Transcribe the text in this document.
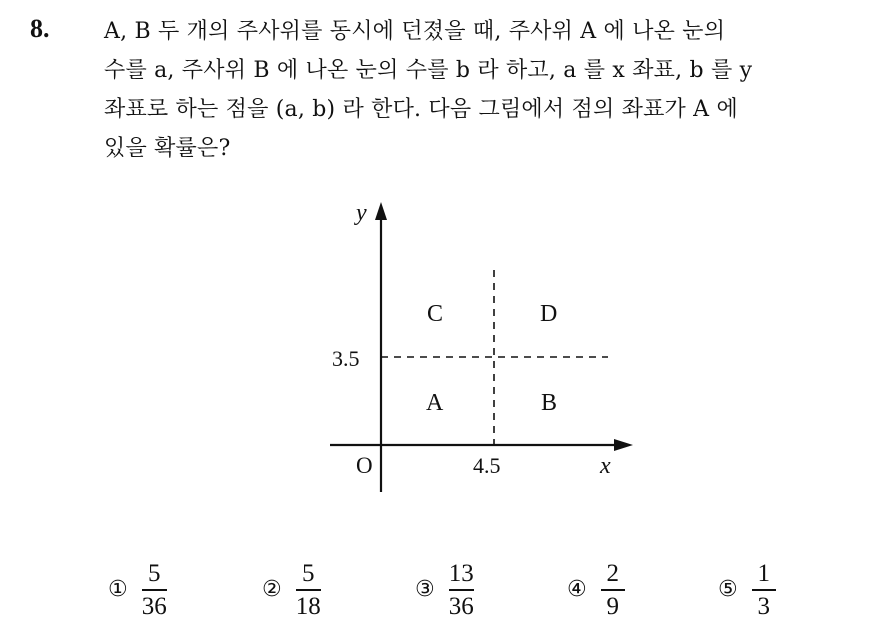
8. A, B 두 개의 주사위를 동시에 던졌을 때, 주사위 A 에 나온 눈의
수를 a, 주사위 B 에 나온 눈의 수를 b 라 하고, a 를 x 좌표, b 를 y
좌표로 하는 점을 (a, b) 라 한다. 다음 그림에서 점의 좌표가 A 에
있을 확률은?
y
x
O	4.5
3.5
C	D
A	B
① $\frac{5}{36}$	② $\frac{5}{18}$	③ $\frac{13}{36}$	④ $\frac{2}{9}$	⑤ $\frac{1}{3}$
